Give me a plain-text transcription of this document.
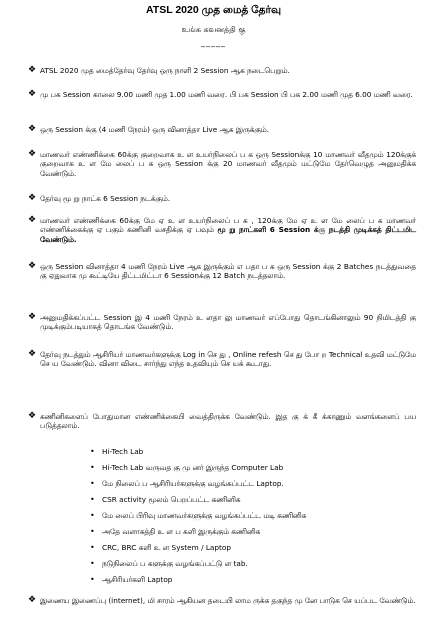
ATSL 2020 முத மைத் தேர்வு
உங்க கவனத்தி கு
_____
❖ ATSL 2020 முத மைத்தேர்வு தேர்வு ஒரு நாளி 2 Session ஆக நடைபெறும்.
❖ மு பக Session காலை 9.00 மணி முத 1.00 மணி வரை. பி பக Session பி பக 2.00 மணி முத 6.00 மணி வரை.
❖ ஒரு Session க்கு (4 மணி நேரம்) ஒரு வினாத்தா Live ஆக இருக்கும்.
❖ மாணவர் எண்ணிக்கை 60க்கு குறைவாக உ ள உயர்நிலைப் ப க ஒரு Sessionக்கு 10 மாணவர் வீதமும் 120க்குக் குறைவாக உ ள மே லைப் ப க ஒரு Session க்கு 20 மாணவர் வீதமும் மட்டுமே தேர்வெழுத அனுமதிக்க வேண்டும்.
❖ தேர்வு மூ று நாட்க 6 Session நடக்கும்.
❖ மாணவர் எண்ணிக்கை 60க்கு மே ஏ உ ள உயர்நிலைப் ப க , 120க்கு மே ஏ உ ள மே லைப் ப க மாணவர் எண்ணிக்கைக்கு ஏ பகும் கணினி வசதிக்கு ஏ பவும் மூ று நாட்களி 6 Session க்கு நடத்தி முடிக்கத் திட்டமிட வேண்டும்.
❖ ஒரு Session வினாத்தா 4 மணி நேரம் Live ஆக இருக்கும் எ பதா ப க ஒரு Session க்கு 2 Batches நடத்துவதை கு ஏதுவாக மு கூட்டியே திட்டமிட்டா 6 Sessionக்கு 12 Batch நடத்தலாம்.
❖ அனுமதிக்கப்பட்ட Session இ 4 மணி நேரம் உ ளதா லு மாணவர் எப்போது தொடங்கினாலும் 90 நிமிடத்தி கு முடிக்கும்படியாகத் தொடங்க வேண்டும்.
❖ தேர்வு நடத்தும் ஆசிரியர் மாணவர்களுக்கு Log in செ து , Online refesh செ து போ ற Technical உதவி மட்டுமே செ ய வேண்டும். வினா விடை சார்ந்து எந்த உதவியும் செ யக் கூடாது.
❖ கணினிகளைப் போதுமான எண்ணிக்கையி வைத்திருக்க வேண்டும். இத கு க் கீ க்காணும் வளங்களைப் பய படுத்தலாம்.
• Hi-Tech Lab
• Hi-Tech Lab வருவத கு மு னர் இருந்த Computer Lab
• மே நிலைப் ப ஆசிரியர்களுக்கு வழங்கப்பட்ட Laptop.
• CSR activity மூலம் பெறப்பட்ட கணினிக
• மே லைப் பிரிவு மாணவர்களுக்கு வழங்கப்பட்ட மடி கணினிக
• அதே வளாகத்தி உ ள ப களி இருக்கும் கணினிக
• CRC, BRC களி உ ள System / Laptop
• நடுநிலைப் ப களுக்கு வழங்கப்பட்டு ள tab.
• ஆசிரியர்களி Laptop
❖ இணைய இணைப்பு (internet), மி சாரம் ஆகியன தடையி லாம ருக்க தகுந்த மு னே பாடுக செ யப்பட வேண்டும்.
